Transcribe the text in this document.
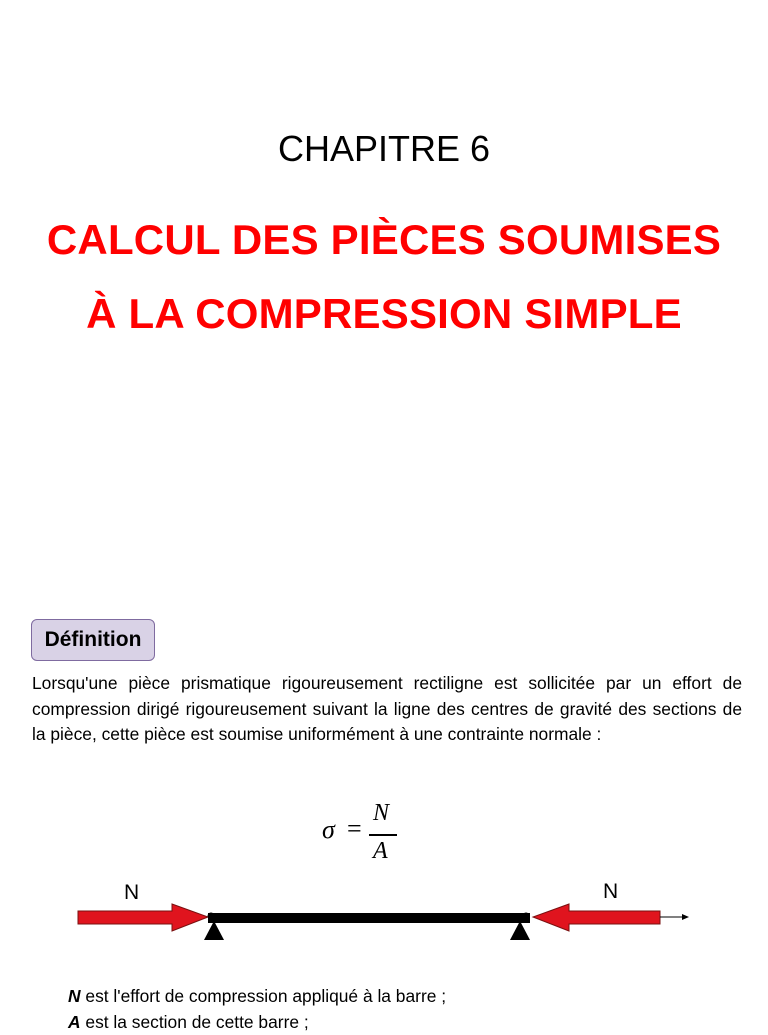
CHAPITRE 6
CALCUL DES PIÈCES SOUMISES
À LA COMPRESSION SIMPLE
Définition
Lorsqu'une pièce prismatique rigoureusement rectiligne est sollicitée par un effort de compression dirigé rigoureusement suivant la ligne des centres de gravité des sections de la pièce, cette pièce est soumise uniformément à une contrainte normale :
σ =
N
A
N	N
N est l'effort de compression appliqué à la barre ;
A est la section de cette barre ;
